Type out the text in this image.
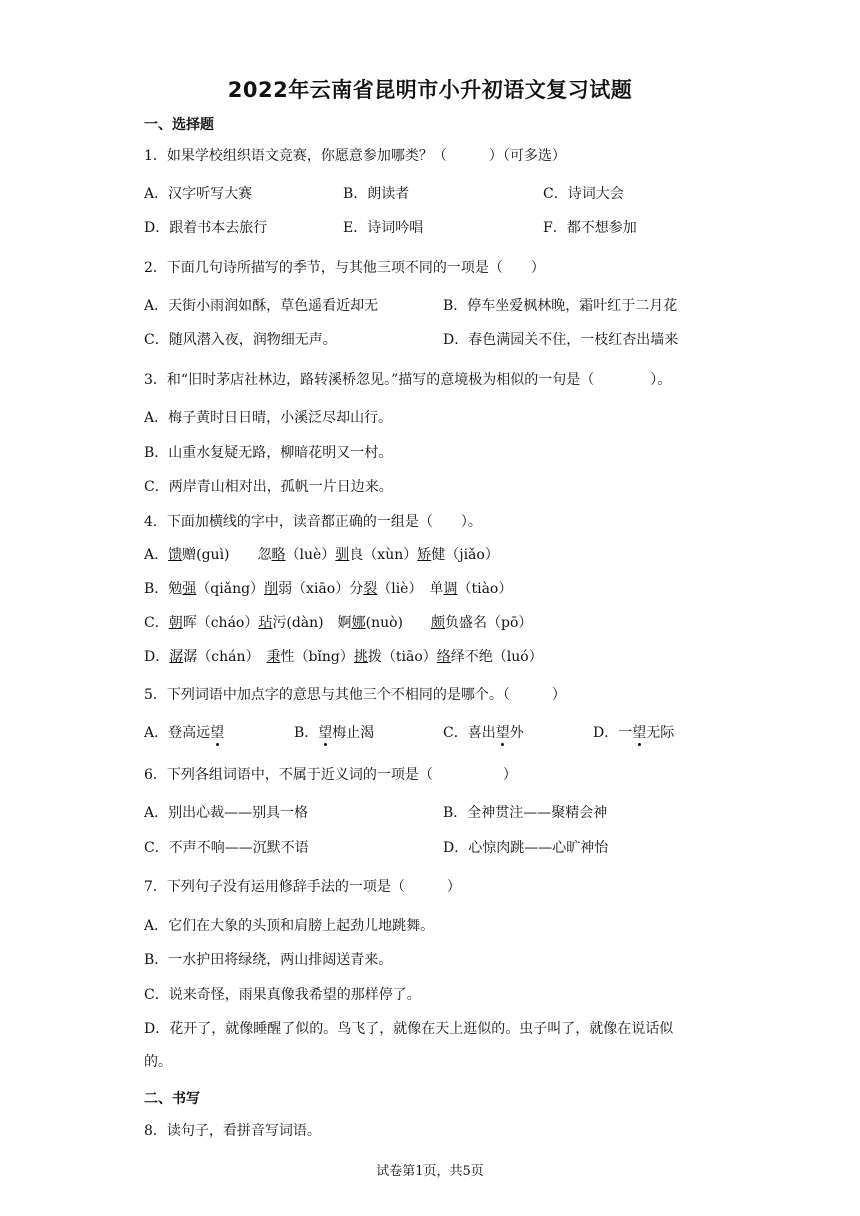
2022年云南省昆明市小升初语文复习试题
一、选择题
1．如果学校组织语文竞赛，你愿意参加哪类？（　　　）（可多选）
A．汉字听写大赛	B．朗读者	C．诗词大会
D．跟着书本去旅行	E．诗词吟唱	F．都不想参加
2．下面几句诗所描写的季节，与其他三项不同的一项是（　　）
A．天街小雨润如酥，草色遥看近却无	B．停车坐爱枫林晚，霜叶红于二月花
C．随风潜入夜，润物细无声。	D．春色满园关不住，一枝红杏出墙来
3．和“旧时茅店社林边，路转溪桥忽见。”描写的意境极为相似的一句是（　　　　）。
A．梅子黄时日日晴，小溪泛尽却山行。
B．山重水复疑无路，柳暗花明又一村。
C．两岸青山相对出，孤帆一片日边来。
4．下面加横线的字中，读音都正确的一组是（　　）。
A．馈赠(guì)　　忽略（luè）驯良（xùn）矫健（jiǎo）
B．勉强（qiǎng）削弱（xiāo）分裂（liè）　单调（tiào）
C．朝晖（cháo）玷污(dàn)　婀娜(nuò)　　颇负盛名（pō）
D．潺潺（chán）　秉性（bǐng）挑拨（tiāo）络绎不绝（luó）
5．下列词语中加点字的意思与其他三个不相同的是哪个。（　　　）
A．登高远望	B．望梅止渴	C．喜出望外	D．一望无际
6．下列各组词语中，不属于近义词的一项是（　　　　　）
A．别出心裁——别具一格	B．全神贯注——聚精会神
C．不声不响——沉默不语	D．心惊肉跳——心旷神怡
7．下列句子没有运用修辞手法的一项是（　　　）
A．它们在大象的头顶和肩膀上起劲儿地跳舞。
B．一水护田将绿绕，两山排闼送青来。
C．说来奇怪，雨果真像我希望的那样停了。
D．花开了，就像睡醒了似的。鸟飞了，就像在天上逛似的。虫子叫了，就像在说话似
的。
二、书写
8．读句子，看拼音写词语。
试卷第1页，共5页
